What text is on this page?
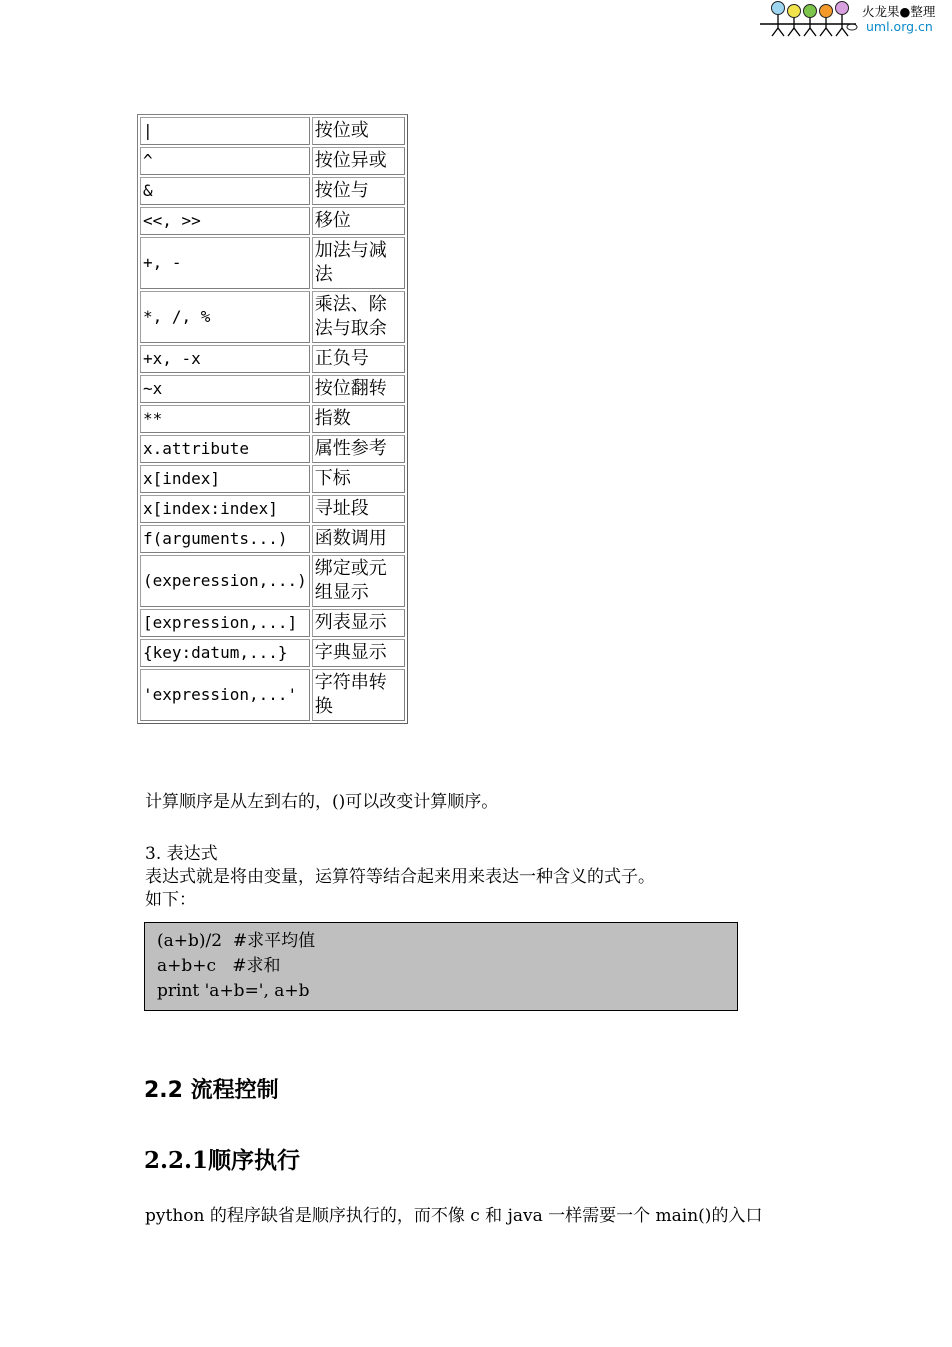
火龙果●整理
uml.org.cn
|	按位或
^	按位异或
&	按位与
<<, >>	移位
+, -	加法与减法
*, /, %	乘法、除法与取余
+x, -x	正负号
~x	按位翻转
**	指数
x.attribute	属性参考
x[index]	下标
x[index:index]	寻址段
f(arguments...)	函数调用
(experession,...)	绑定或元组显示
[expression,...]	列表显示
{key:datum,...}	字典显示
'expression,...'	字符串转换
计算顺序是从左到右的，()可以改变计算顺序。
3. 表达式
表达式就是将由变量，运算符等结合起来用来表达一种含义的式子。
如下：
(a+b)/2  #求平均值
a+b+c   #求和
print 'a+b=', a+b
2.2 流程控制
2.2.1顺序执行
python 的程序缺省是顺序执行的，而不像 c 和 java 一样需要一个 main()的入口
